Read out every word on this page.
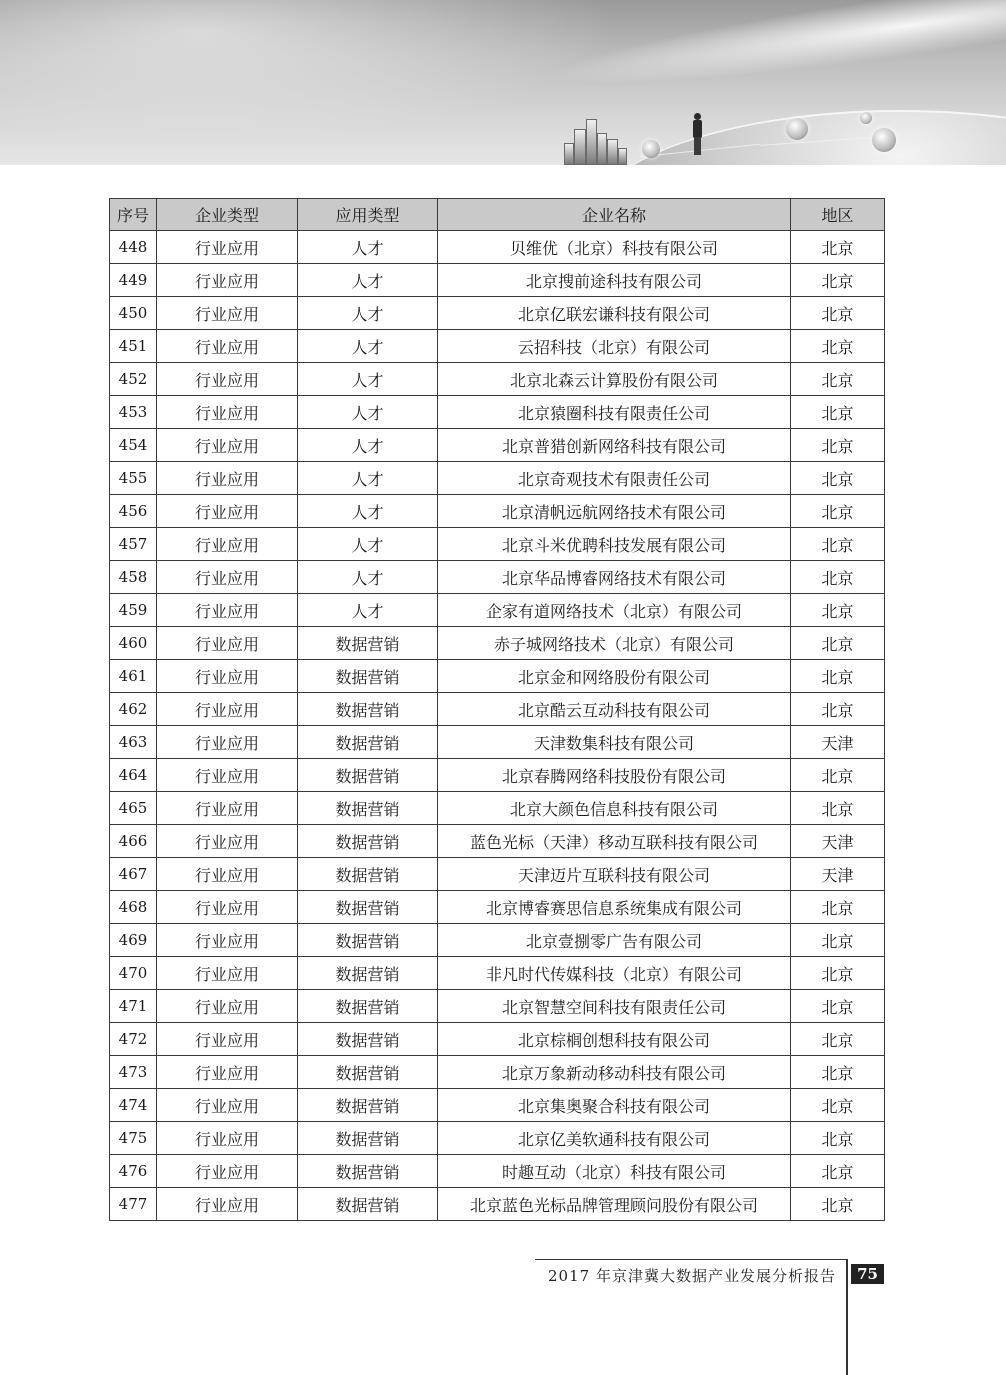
序号	企业类型	应用类型	企业名称	地区
448	行业应用	人才	贝维优（北京）科技有限公司	北京
449	行业应用	人才	北京搜前途科技有限公司	北京
450	行业应用	人才	北京亿联宏谦科技有限公司	北京
451	行业应用	人才	云招科技（北京）有限公司	北京
452	行业应用	人才	北京北森云计算股份有限公司	北京
453	行业应用	人才	北京猿圈科技有限责任公司	北京
454	行业应用	人才	北京普猎创新网络科技有限公司	北京
455	行业应用	人才	北京奇观技术有限责任公司	北京
456	行业应用	人才	北京清帆远航网络技术有限公司	北京
457	行业应用	人才	北京斗米优聘科技发展有限公司	北京
458	行业应用	人才	北京华品博睿网络技术有限公司	北京
459	行业应用	人才	企家有道网络技术（北京）有限公司	北京
460	行业应用	数据营销	赤子城网络技术（北京）有限公司	北京
461	行业应用	数据营销	北京金和网络股份有限公司	北京
462	行业应用	数据营销	北京酷云互动科技有限公司	北京
463	行业应用	数据营销	天津数集科技有限公司	天津
464	行业应用	数据营销	北京春腾网络科技股份有限公司	北京
465	行业应用	数据营销	北京大颜色信息科技有限公司	北京
466	行业应用	数据营销	蓝色光标（天津）移动互联科技有限公司	天津
467	行业应用	数据营销	天津迈片互联科技有限公司	天津
468	行业应用	数据营销	北京博睿赛思信息系统集成有限公司	北京
469	行业应用	数据营销	北京壹捌零广告有限公司	北京
470	行业应用	数据营销	非凡时代传媒科技（北京）有限公司	北京
471	行业应用	数据营销	北京智慧空间科技有限责任公司	北京
472	行业应用	数据营销	北京棕榈创想科技有限公司	北京
473	行业应用	数据营销	北京万象新动移动科技有限公司	北京
474	行业应用	数据营销	北京集奥聚合科技有限公司	北京
475	行业应用	数据营销	北京亿美软通科技有限公司	北京
476	行业应用	数据营销	时趣互动（北京）科技有限公司	北京
477	行业应用	数据营销	北京蓝色光标品牌管理顾问股份有限公司	北京
2017 年京津冀大数据产业发展分析报告	75
